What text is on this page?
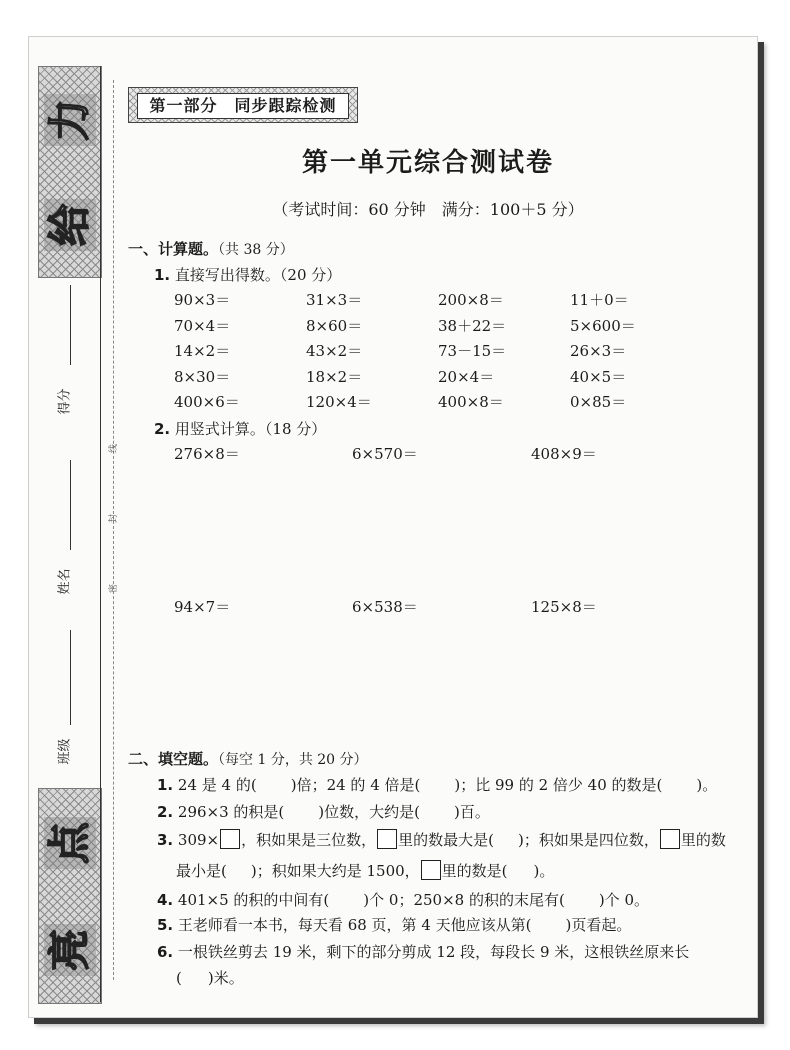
力
给
点
亮
得分
姓名
班级
线
封
密
第一部分　同步跟踪检测
第一单元综合测试卷
（考试时间：60 分钟　满分：100＋5 分）
一、计算题。（共 38 分）
1. 直接写出得数。（20 分）
90×3＝	31×3＝	200×8＝	11＋0＝
70×4＝	8×60＝	38＋22＝	5×600＝
14×2＝	43×2＝	73－15＝	26×3＝
8×30＝	18×2＝	20×4＝	40×5＝
400×6＝	120×4＝	400×8＝	0×85＝
2. 用竖式计算。（18 分）
276×8＝	6×570＝	408×9＝
94×7＝	6×538＝	125×8＝
二、填空题。（每空 1 分，共 20 分）
1. 24 是 4 的( )倍；24 的 4 倍是( )；比 99 的 2 倍少 40 的数是( )。
2. 296×3 的积是( )位数，大约是( )百。
3. 309× ，积如果是三位数， 里的数最大是( )；积如果是四位数， 里的数
最小是( )；积如果大约是 1500， 里的数是( )。
4. 401×5 的积的中间有( )个 0；250×8 的积的末尾有( )个 0。
5. 王老师看一本书，每天看 68 页，第 4 天他应该从第( )页看起。
6. 一根铁丝剪去 19 米，剩下的部分剪成 12 段，每段长 9 米，这根铁丝原来长
( )米。
